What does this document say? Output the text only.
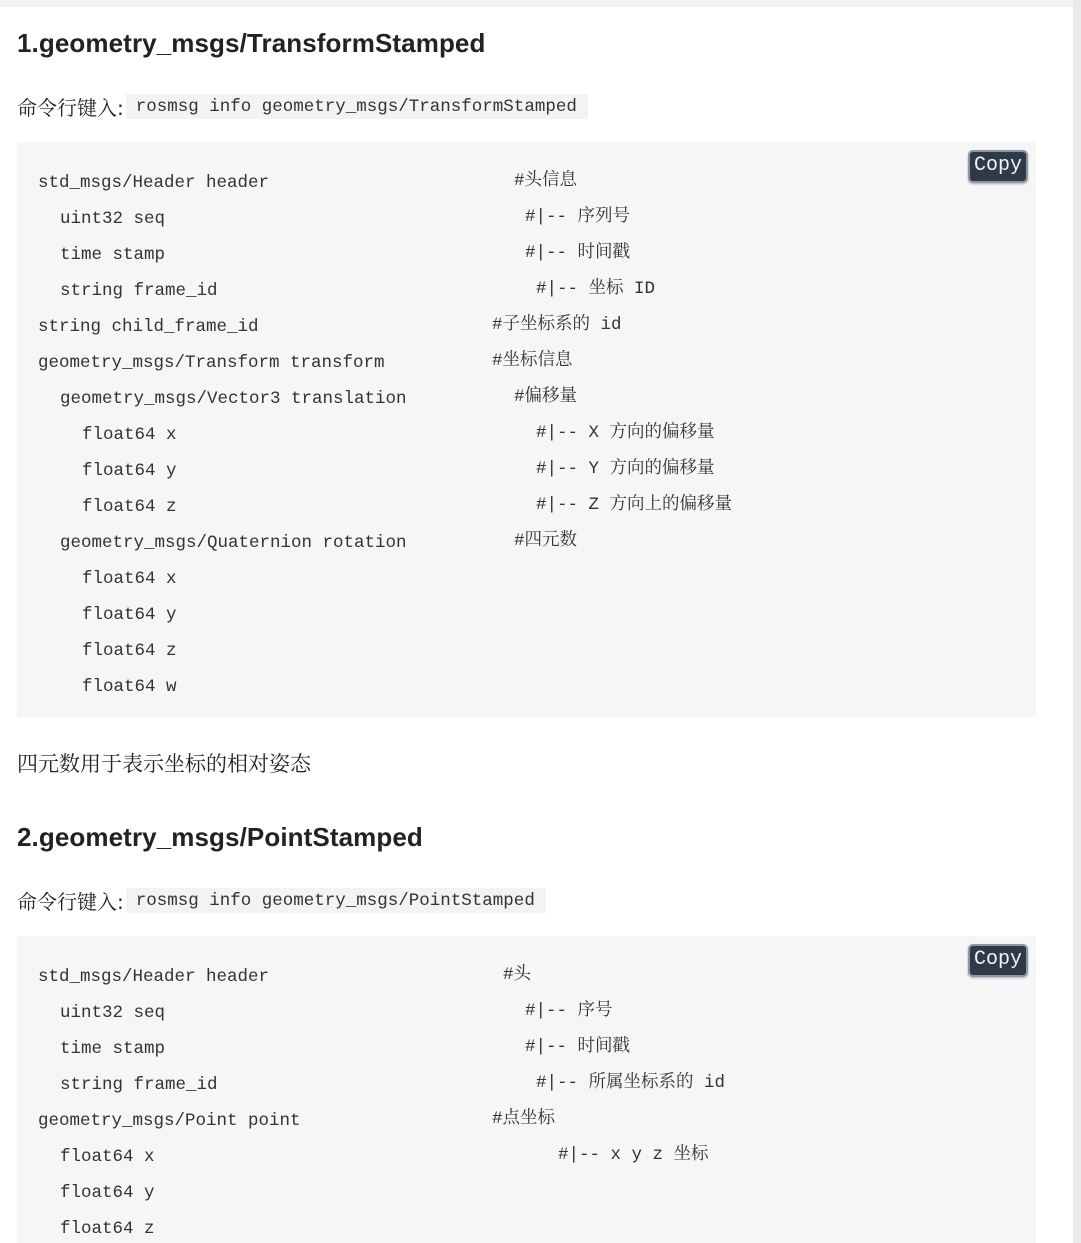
1.geometry_msgs/TransformStamped
命令行键入: rosmsg info geometry_msgs/TransformStamped
Copy
std_msgs/Header header	#头信息
uint32 seq	#|-- 序列号
time stamp	#|-- 时间戳
string frame_id	#|-- 坐标 ID
string child_frame_id	#子坐标系的 id
geometry_msgs/Transform transform	#坐标信息
geometry_msgs/Vector3 translation	#偏移量
float64 x	#|-- X 方向的偏移量
float64 y	#|-- Y 方向的偏移量
float64 z	#|-- Z 方向上的偏移量
geometry_msgs/Quaternion rotation	#四元数
float64 x
float64 y
float64 z
float64 w

四元数用于表示坐标的相对姿态

2.geometry_msgs/PointStamped
命令行键入: rosmsg info geometry_msgs/PointStamped
Copy
std_msgs/Header header	#头
uint32 seq	#|-- 序号
time stamp	#|-- 时间戳
string frame_id	#|-- 所属坐标系的 id
geometry_msgs/Point point	#点坐标
float64 x	#|-- x y z 坐标
float64 y
float64 z
